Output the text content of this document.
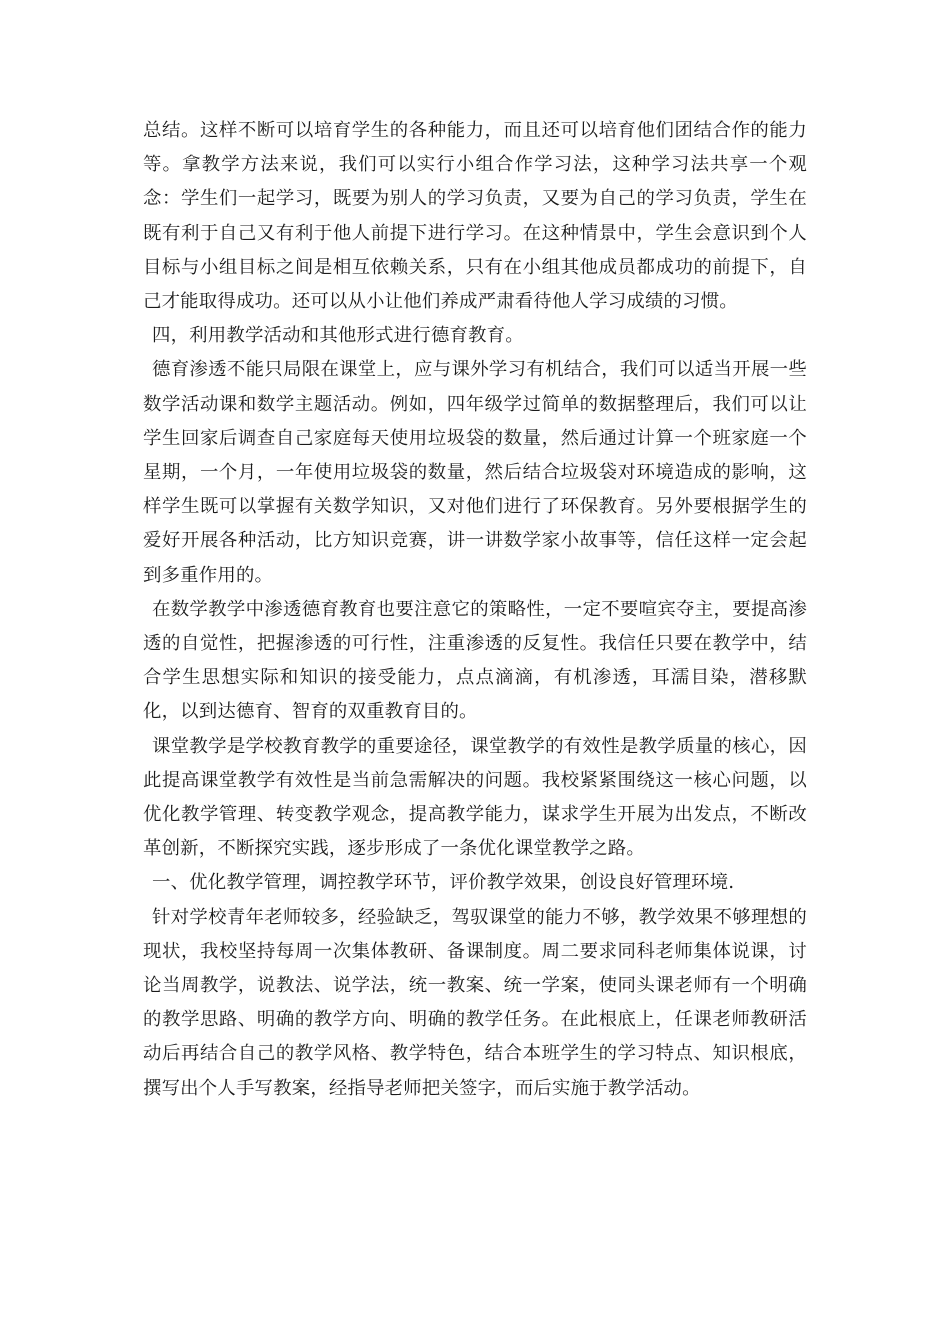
总结。这样不断可以培育学生的各种能力，而且还可以培育他们团结合作的能力等。拿教学方法来说，我们可以实行小组合作学习法，这种学习法共享一个观念：学生们一起学习，既要为别人的学习负责，又要为自己的学习负责，学生在既有利于自己又有利于他人前提下进行学习。在这种情景中，学生会意识到个人目标与小组目标之间是相互依赖关系，只有在小组其他成员都成功的前提下，自己才能取得成功。还可以从小让他们养成严肃看待他人学习成绩的习惯。

四，利用教学活动和其他形式进行德育教育。

德育渗透不能只局限在课堂上，应与课外学习有机结合，我们可以适当开展一些数学活动课和数学主题活动。例如，四年级学过简单的数据整理后，我们可以让学生回家后调查自己家庭每天使用垃圾袋的数量，然后通过计算一个班家庭一个星期，一个月，一年使用垃圾袋的数量，然后结合垃圾袋对环境造成的影响，这样学生既可以掌握有关数学知识，又对他们进行了环保教育。另外要根据学生的爱好开展各种活动，比方知识竞赛，讲一讲数学家小故事等，信任这样一定会起到多重作用的。

在数学教学中渗透德育教育也要注意它的策略性，一定不要喧宾夺主，要提高渗透的自觉性，把握渗透的可行性，注重渗透的反复性。我信任只要在教学中，结合学生思想实际和知识的接受能力，点点滴滴，有机渗透，耳濡目染，潜移默化，以到达德育、智育的双重教育目的。

课堂教学是学校教育教学的重要途径，课堂教学的有效性是教学质量的核心，因此提高课堂教学有效性是当前急需解决的问题。我校紧紧围绕这一核心问题，以优化教学管理、转变教学观念，提高教学能力，谋求学生开展为出发点，不断改革创新，不断探究实践，逐步形成了一条优化课堂教学之路。

一、优化教学管理，调控教学环节，评价教学效果，创设良好管理环境.

针对学校青年老师较多，经验缺乏，驾驭课堂的能力不够，教学效果不够理想的现状，我校坚持每周一次集体教研、备课制度。周二要求同科老师集体说课，讨论当周教学，说教法、说学法，统一教案、统一学案，使同头课老师有一个明确的教学思路、明确的教学方向、明确的教学任务。在此根底上，任课老师教研活动后再结合自己的教学风格、教学特色，结合本班学生的学习特点、知识根底，撰写出个人手写教案，经指导老师把关签字，而后实施于教学活动。
